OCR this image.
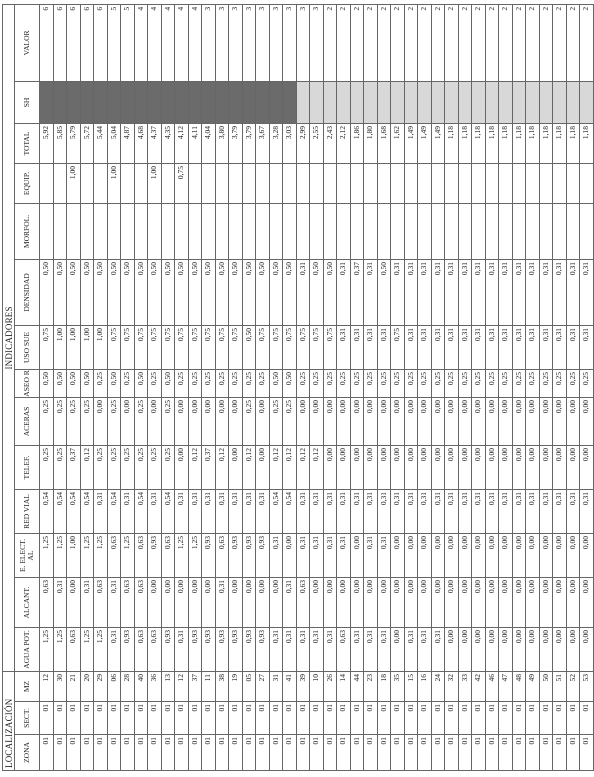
LOCALIZACIÓN			INDICADORES													
ZONA	SECT.	MZ	AGUA POT.	ALCANT.	E. ELECT. AL	RED VIAL	TELEF.	ACERAS	ASEO R	USO SUE	DENSIDAD	MORFOL.	EQUIP.	TOTAL	SH	VALOR
01	01	12	1,25	0,63	1,25	0,54	0,25	0,25	0,50	0,75	0,50			5,92		6
01	01	30	1,25	0,31	1,25	0,54	0,25	0,25	0,50	1,00	0,50			5,85		6
01	01	21	0,63	0,00	1,00	0,54	0,37	0,25	0,50	1,00	0,50		1,00	5,79		6
01	01	20	1,25	0,31	1,25	0,54	0,12	0,25	0,50	1,00	0,50			5,72		6
01	01	29	1,25	0,63	1,25	0,31	0,25	0,00	0,25	1,00	0,50			5,44		6
01	01	06	0,31	0,31	0,63	0,54	0,25	0,25	0,50	0,75	0,50		1,00	5,04		5
01	01	28	0,93	0,63	1,25	0,31	0,25	0,00	0,25	0,75	0,50			4,87		5
01	01	40	0,63	0,63	0,63	0,54	0,25	0,25	0,50	0,75	0,50			4,68		4
01	01	36	0,63	0,00	0,93	0,31	0,25	0,00	0,25	0,75	0,50		1,00	4,37		4
01	01	13	0,93	0,00	0,63	0,54	0,25	0,25	0,50	0,75	0,50			4,35		4
01	01	12	0,31	0,00	1,25	0,31	0,00	0,00	0,25	0,75	0,50		0,75	4,12		4
01	01	37	0,93	0,00	1,25	0,31	0,12	0,00	0,25	0,75	0,50			4,11		4
01	01	11	0,93	0,00	0,93	0,31	0,37	0,00	0,25	0,75	0,50			4,04		3
01	01	38	0,93	0,31	0,63	0,31	0,12	0,00	0,25	0,75	0,50			3,80		3
01	01	19	0,93	0,00	0,93	0,31	0,00	0,00	0,25	0,75	0,50			3,79		3
01	01	05	0,93	0,00	0,93	0,31	0,12	0,25	0,25	0,50	0,50			3,79		3
01	01	27	0,93	0,00	0,93	0,31	0,00	0,00	0,25	0,75	0,50			3,67		3
01	01	31	0,31	0,00	0,31	0,54	0,12	0,25	0,50	0,75	0,50			3,28		3
01	01	41	0,31	0,31	0,00	0,54	0,12	0,25	0,50	0,75	0,50			3,03		3
01	01	39	0,31	0,63	0,31	0,31	0,12	0,00	0,25	0,75	0,31			2,99		3
01	01	10	0,31	0,00	0,31	0,31	0,12	0,00	0,25	0,75	0,50			2,55		3
01	01	26	0,31	0,00	0,31	0,31	0,00	0,00	0,25	0,75	0,50			2,43		2
01	01	14	0,63	0,00	0,31	0,31	0,00	0,00	0,25	0,31	0,31			2,12		2
01	01	44	0,31	0,00	0,00	0,31	0,00	0,00	0,25	0,31	0,37			1,86		2
01	01	23	0,31	0,00	0,31	0,31	0,00	0,00	0,25	0,31	0,31			1,80		2
01	01	18	0,31	0,00	0,31	0,31	0,00	0,00	0,25	0,31	0,50			1,68		2
01	01	35	0,00	0,00	0,00	0,31	0,00	0,00	0,25	0,75	0,31			1,62		2
01	01	15	0,31	0,00	0,00	0,31	0,00	0,00	0,25	0,31	0,31			1,49		2
01	01	16	0,31	0,00	0,00	0,31	0,00	0,00	0,25	0,31	0,31			1,49		2
01	01	24	0,31	0,00	0,00	0,31	0,00	0,00	0,25	0,31	0,31			1,49		2
01	01	32	0,00	0,00	0,00	0,31	0,00	0,00	0,25	0,31	0,31			1,18		2
01	01	33	0,00	0,00	0,00	0,31	0,00	0,00	0,25	0,31	0,31			1,18		2
01	01	42	0,00	0,00	0,00	0,31	0,00	0,00	0,25	0,31	0,31			1,18		2
01	01	46	0,00	0,00	0,00	0,31	0,00	0,00	0,25	0,31	0,31			1,18		2
01	01	47	0,00	0,00	0,00	0,31	0,00	0,00	0,25	0,31	0,31			1,18		2
01	01	48	0,00	0,00	0,00	0,31	0,00	0,00	0,25	0,31	0,31			1,18		2
01	01	49	0,00	0,00	0,00	0,31	0,00	0,00	0,25	0,31	0,31			1,18		2
01	01	50	0,00	0,00	0,00	0,31	0,00	0,00	0,25	0,31	0,31			1,18		2
01	01	51	0,00	0,00	0,00	0,31	0,00	0,00	0,25	0,31	0,31			1,18		2
01	01	52	0,00	0,00	0,00	0,31	0,00	0,00	0,25	0,31	0,31			1,18		2
01	01	53	0,00	0,00	0,00	0,31	0,00	0,00	0,25	0,31	0,31			1,18		2
